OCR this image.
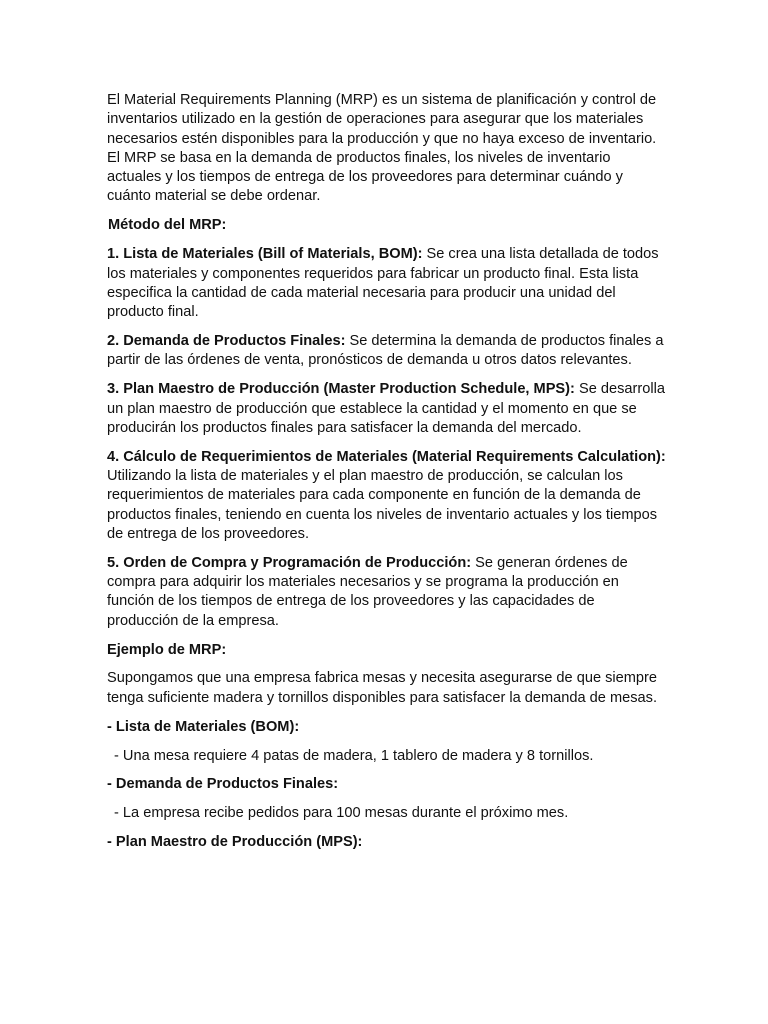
El Material Requirements Planning (MRP) es un sistema de planificación y control de inventarios utilizado en la gestión de operaciones para asegurar que los materiales necesarios estén disponibles para la producción y que no haya exceso de inventario. El MRP se basa en la demanda de productos finales, los niveles de inventario actuales y los tiempos de entrega de los proveedores para determinar cuándo y cuánto material se debe ordenar.

Método del MRP:

1. Lista de Materiales (Bill of Materials, BOM): Se crea una lista detallada de todos los materiales y componentes requeridos para fabricar un producto final. Esta lista especifica la cantidad de cada material necesaria para producir una unidad del producto final.

2. Demanda de Productos Finales: Se determina la demanda de productos finales a partir de las órdenes de venta, pronósticos de demanda u otros datos relevantes.

3. Plan Maestro de Producción (Master Production Schedule, MPS): Se desarrolla un plan maestro de producción que establece la cantidad y el momento en que se producirán los productos finales para satisfacer la demanda del mercado.

4. Cálculo de Requerimientos de Materiales (Material Requirements Calculation): Utilizando la lista de materiales y el plan maestro de producción, se calculan los requerimientos de materiales para cada componente en función de la demanda de productos finales, teniendo en cuenta los niveles de inventario actuales y los tiempos de entrega de los proveedores.

5. Orden de Compra y Programación de Producción: Se generan órdenes de compra para adquirir los materiales necesarios y se programa la producción en función de los tiempos de entrega de los proveedores y las capacidades de producción de la empresa.

Ejemplo de MRP:

Supongamos que una empresa fabrica mesas y necesita asegurarse de que siempre tenga suficiente madera y tornillos disponibles para satisfacer la demanda de mesas.

- Lista de Materiales (BOM):

- Una mesa requiere 4 patas de madera, 1 tablero de madera y 8 tornillos.

- Demanda de Productos Finales:

- La empresa recibe pedidos para 100 mesas durante el próximo mes.

- Plan Maestro de Producción (MPS):
